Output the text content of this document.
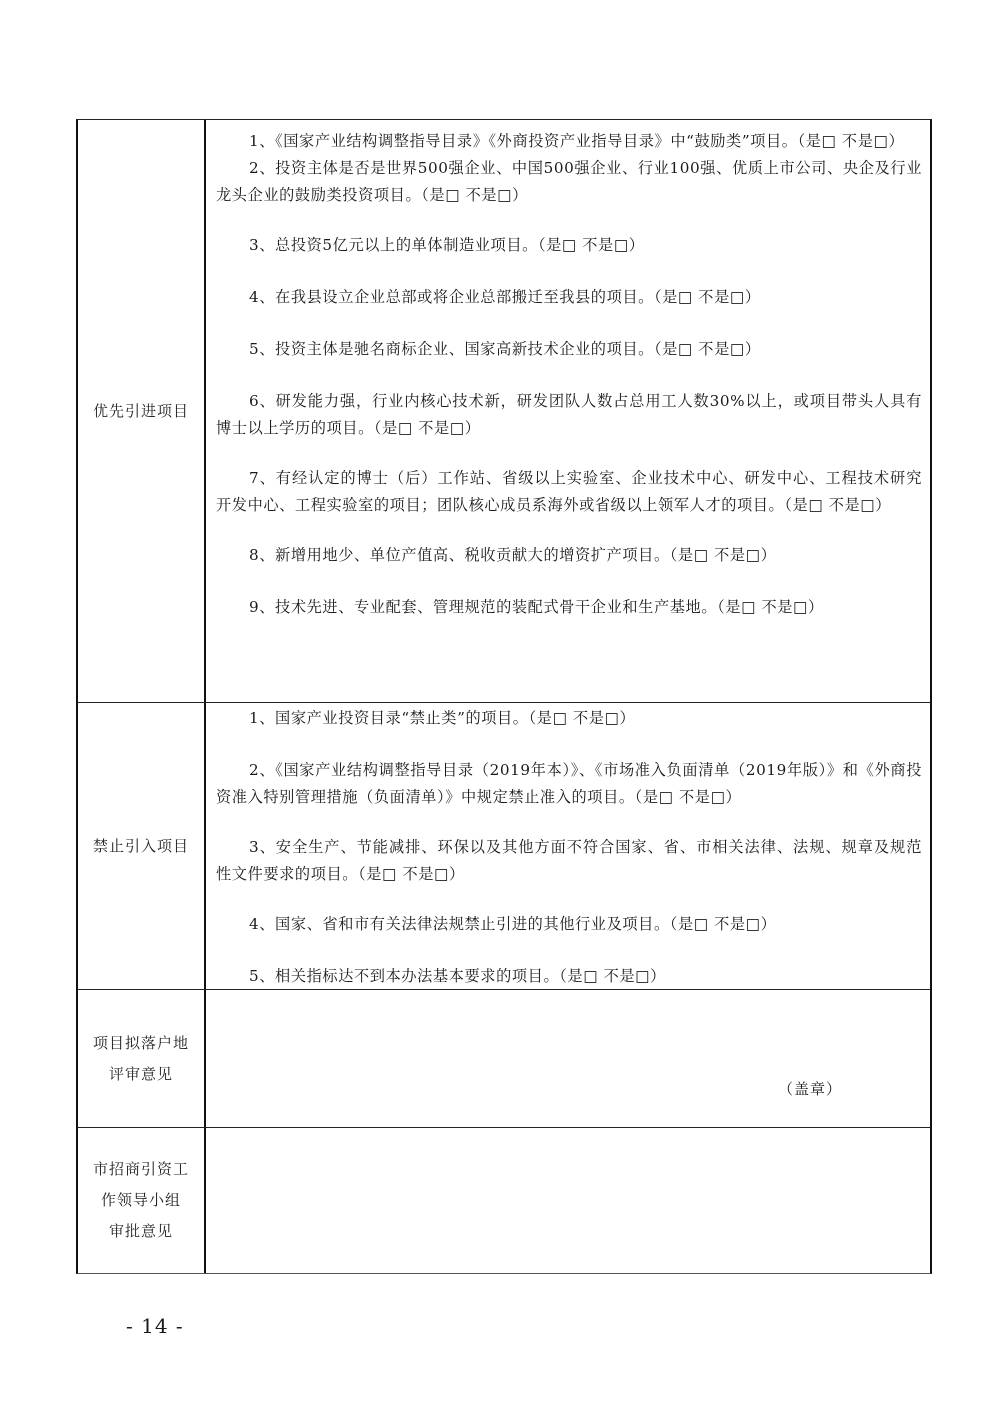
优先引进项目

1、《国家产业结构调整指导目录》《外商投资产业指导目录》中“鼓励类”项目。（是□ 不是□）

2、投资主体是否是世界500强企业、中国500强企业、行业100强、优质上市公司、央企及行业龙头企业的鼓励类投资项目。（是□ 不是□）

3、总投资5亿元以上的单体制造业项目。（是□ 不是□）

4、在我县设立企业总部或将企业总部搬迁至我县的项目。（是□ 不是□）

5、投资主体是驰名商标企业、国家高新技术企业的项目。（是□ 不是□）

6、研发能力强，行业内核心技术新，研发团队人数占总用工人数30%以上，或项目带头人具有博士以上学历的项目。（是□ 不是□）

7、有经认定的博士（后）工作站、省级以上实验室、企业技术中心、研发中心、工程技术研究开发中心、工程实验室的项目；团队核心成员系海外或省级以上领军人才的项目。（是□ 不是□）

8、新增用地少、单位产值高、税收贡献大的增资扩产项目。（是□ 不是□）

9、技术先进、专业配套、管理规范的装配式骨干企业和生产基地。（是□ 不是□）

禁止引入项目

1、国家产业投资目录“禁止类”的项目。（是□ 不是□）

2、《国家产业结构调整指导目录（2019年本）》、《市场准入负面清单（2019年版）》和《外商投资准入特别管理措施（负面清单）》中规定禁止准入的项目。（是□ 不是□）

3、安全生产、节能减排、环保以及其他方面不符合国家、省、市相关法律、法规、规章及规范性文件要求的项目。（是□ 不是□）

4、国家、省和市有关法律法规禁止引进的其他行业及项目。（是□ 不是□）

5、相关指标达不到本办法基本要求的项目。（是□ 不是□）

项目拟落户地
评审意见
（盖章）
市招商引资工
作领导小组
审批意见
- 14 -
